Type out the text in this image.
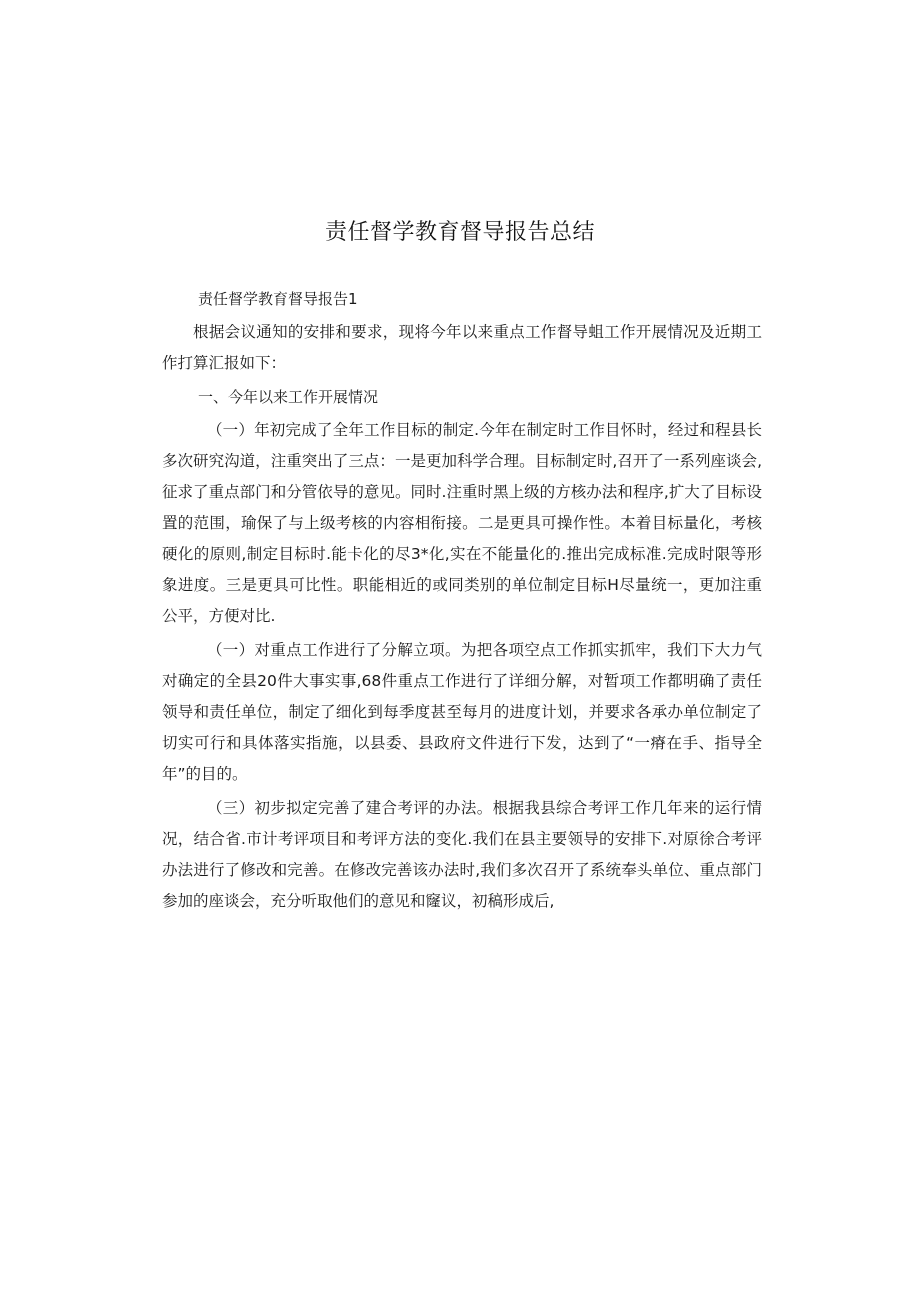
责任督学教育督导报告总结

责任督学教育督导报告1

根据会议通知的安排和要求，现将今年以来重点工作督导蛆工作开展情况及近期工作打算汇报如下：

一、今年以来工作开展情况

（一）年初完成了全年工作目标的制定.今年在制定时工作目怀时，经过和程县长多次研究沟道，注重突出了三点：一是更加科学合理。目标制定时,召开了一系列座谈会,征求了重点部门和分管依导的意见。同时.注重时黑上级的方核办法和程序,扩大了目标设置的范围，瑜保了与上级考核的内容相衔接。二是更具可操作性。本着目标量化，考核硬化的原则,制定目标时.能卡化的尽3*化,实在不能量化的.推出完成标准.完成时限等形象进度。三是更具可比性。职能相近的或同类别的单位制定目标H尽量统一，更加注重公平，方便对比.

（一）对重点工作进行了分解立项。为把各项空点工作抓实抓牢，我们下大力气对确定的全县20件大事实事,68件重点工作进行了详细分解，对暂项工作都明确了责任领导和责任单位，制定了细化到每季度甚至每月的进度计划，并要求各承办单位制定了切实可行和具体落实指施，以县委、县政府文件进行下发，达到了“一瘠在手、指导全年”的目的。

（三）初步拟定完善了建合考评的办法。根据我县综合考评工作几年来的运行情况，结合省.市计考评项目和考评方法的变化.我们在县主要领导的安排下.对原徐合考评办法进行了修改和完善。在修改完善该办法时,我们多次召开了系统奉头单位、重点部门参加的座谈会，充分听取他们的意见和窿议，初稿形成后,
